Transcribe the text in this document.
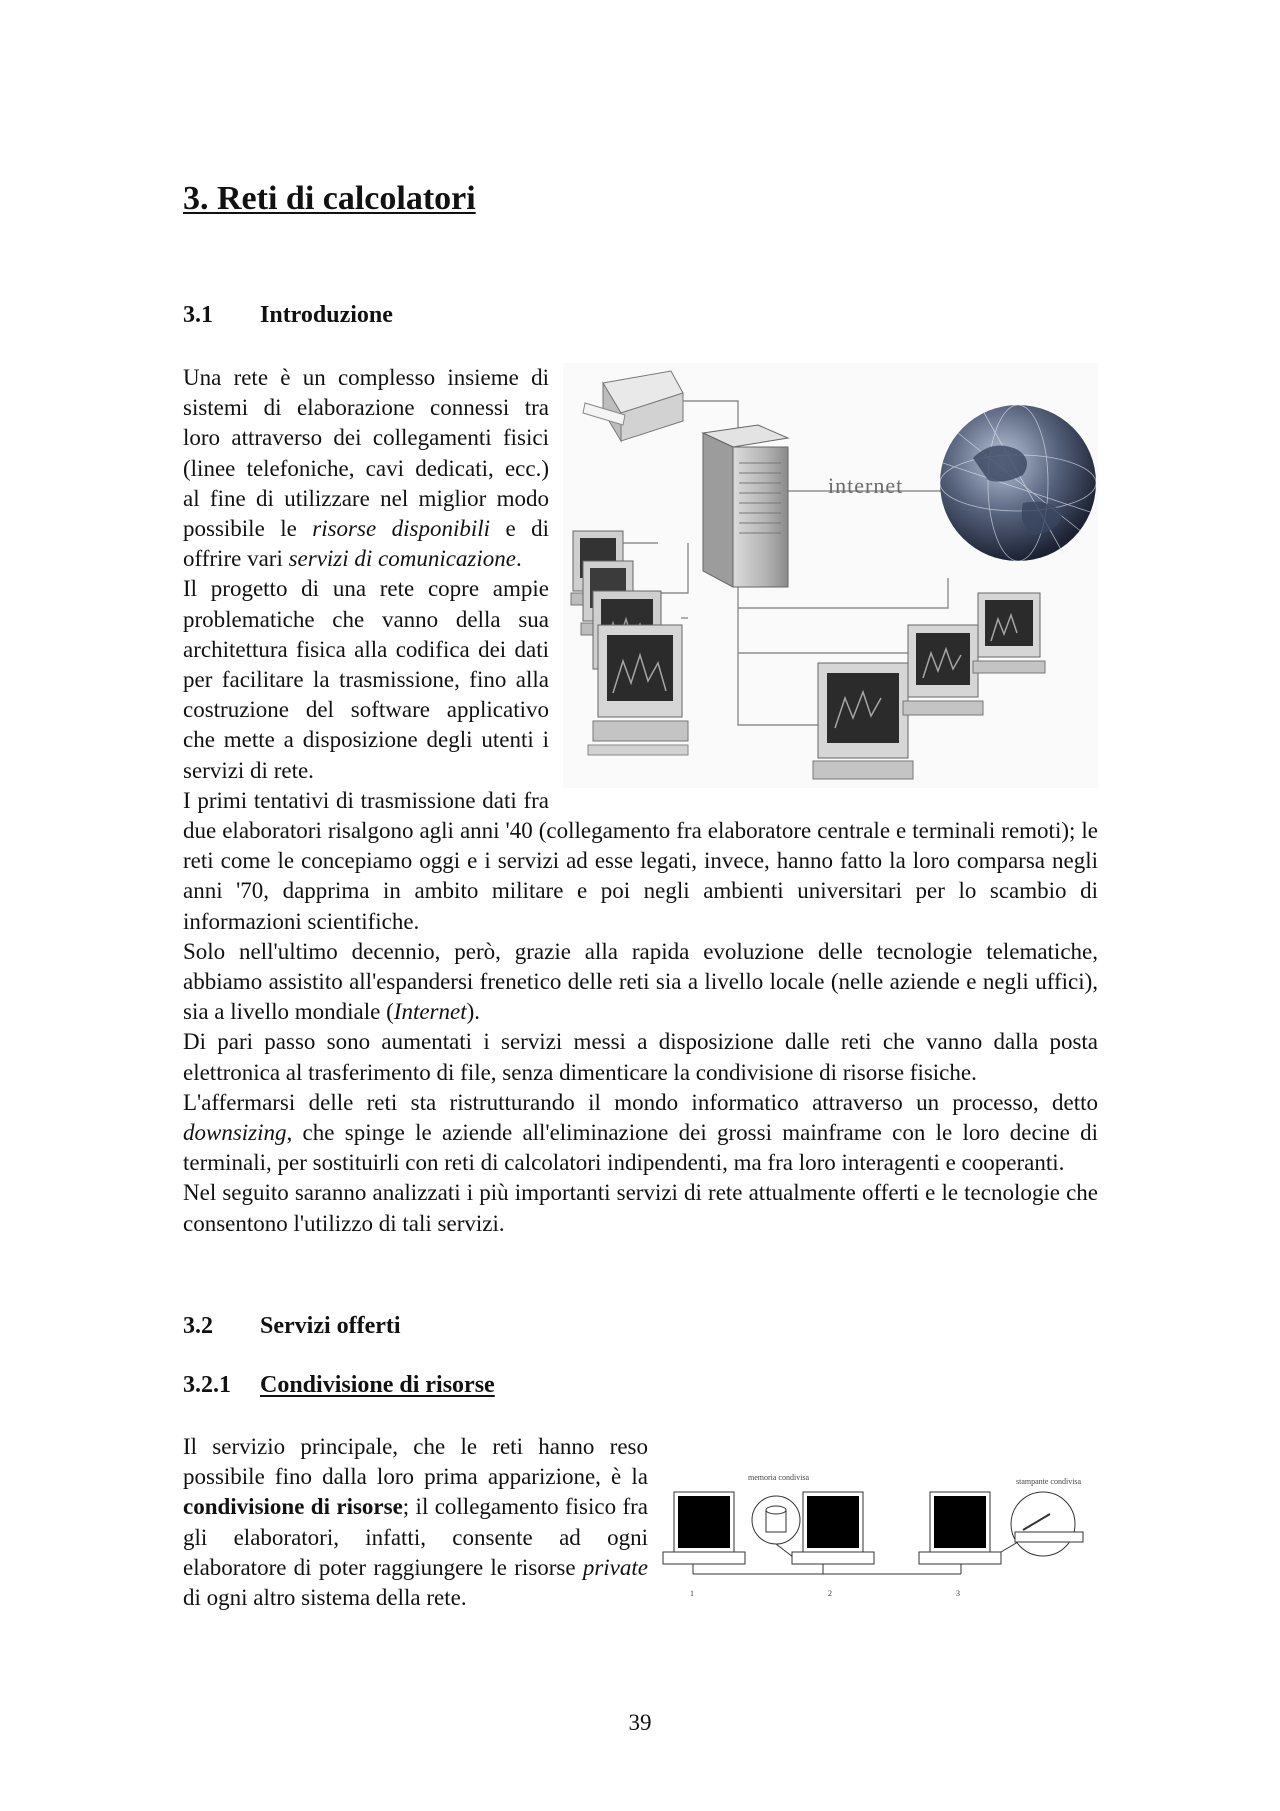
3. Reti di calcolatori
3.1 Introduzione
internet

Una rete è un complesso insieme di sistemi di elaborazione connessi tra loro attraverso dei collegamenti fisici (linee telefoniche, cavi dedicati, ecc.) al fine di utilizzare nel miglior modo possibile le risorse disponibili e di offrire vari servizi di comunicazione.

Il progetto di una rete copre ampie problematiche che vanno della sua architettura fisica alla codifica dei dati per facilitare la trasmissione, fino alla costruzione del software applicativo che mette a disposizione degli utenti i servizi di rete.

I primi tentativi di trasmissione dati fra due elaboratori risalgono agli anni '40 (collegamento fra elaboratore centrale e terminali remoti); le reti come le concepiamo oggi e i servizi ad esse legati, invece, hanno fatto la loro comparsa negli anni '70, dapprima in ambito militare e poi negli ambienti universitari per lo scambio di informazioni scientifiche.

Solo nell'ultimo decennio, però, grazie alla rapida evoluzione delle tecnologie telematiche, abbiamo assistito all'espandersi frenetico delle reti sia a livello locale (nelle aziende e negli uffici), sia a livello mondiale (Internet).

Di pari passo sono aumentati i servizi messi a disposizione dalle reti che vanno dalla posta elettronica al trasferimento di file, senza dimenticare la condivisione di risorse fisiche.

L'affermarsi delle reti sta ristrutturando il mondo informatico attraverso un processo, detto downsizing, che spinge le aziende all'eliminazione dei grossi mainframe con le loro decine di terminali, per sostituirli con reti di calcolatori indipendenti, ma fra loro interagenti e cooperanti.

Nel seguito saranno analizzati i più importanti servizi di rete attualmente offerti e le tecnologie che consentono l'utilizzo di tali servizi.

3.2 Servizi offerti
3.2.1 Condivisione di risorse
memoria condivisa	stampante condivisa
1	2	3

Il servizio principale, che le reti hanno reso possibile fino dalla loro prima apparizione, è la condivisione di risorse; il collegamento fisico fra gli elaboratori, infatti, consente ad ogni elaboratore di poter raggiungere le risorse private di ogni altro sistema della rete.

39
